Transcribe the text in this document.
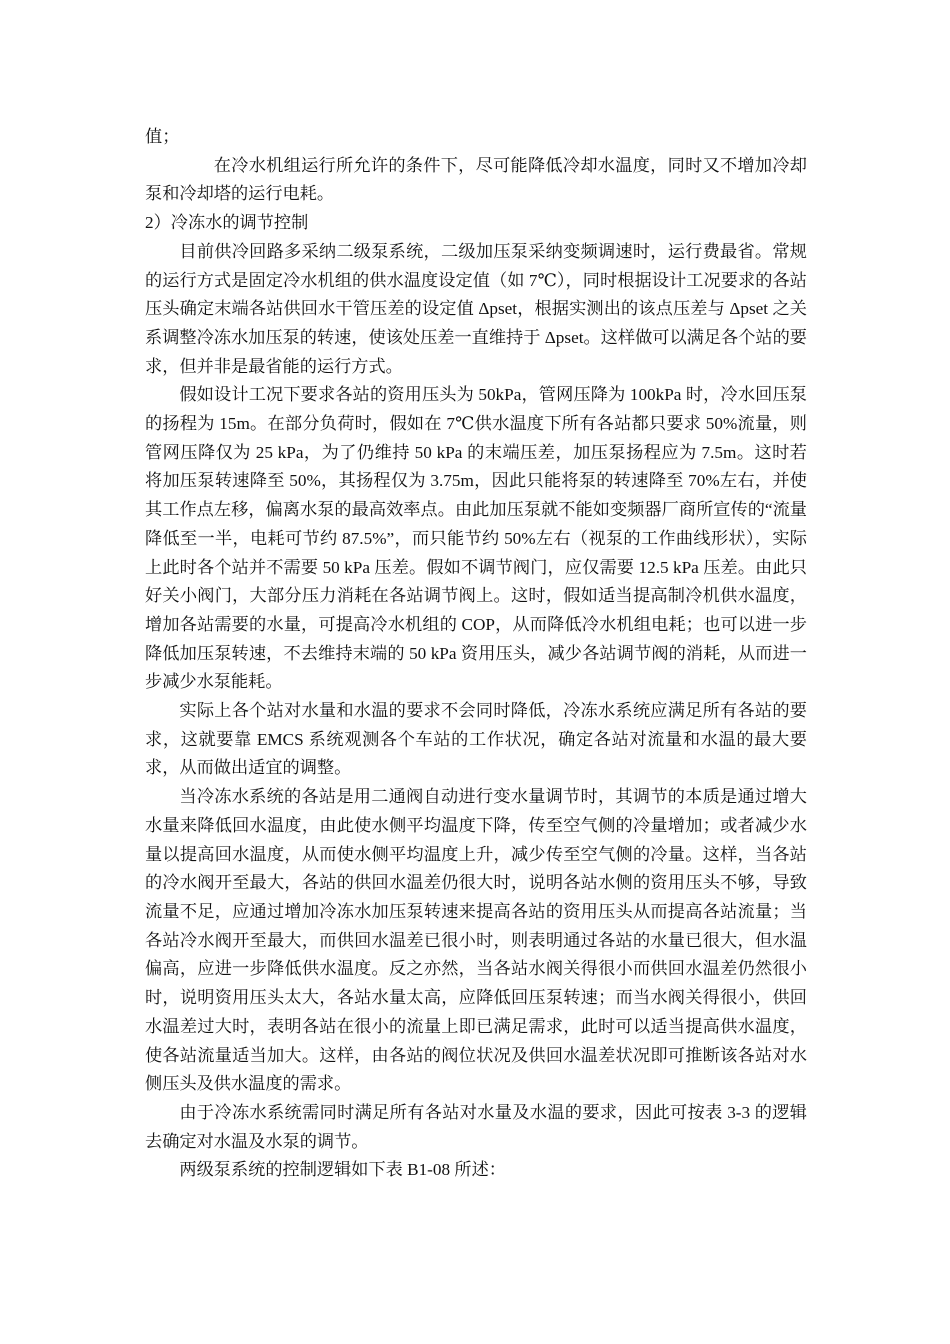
值；

在冷水机组运行所允许的条件下，尽可能降低冷却水温度，同时又不增加冷却泵和冷却塔的运行电耗。

2）冷冻水的调节控制

目前供冷回路多采纳二级泵系统，二级加压泵采纳变频调速时，运行费最省。常规的运行方式是固定冷水机组的供水温度设定值（如 7℃），同时根据设计工况要求的各站压头确定末端各站供回水干管压差的设定值 Δpset，根据实测出的该点压差与 Δpset 之关系调整冷冻水加压泵的转速，使该处压差一直维持于 Δpset。这样做可以满足各个站的要求，但并非是最省能的运行方式。

假如设计工况下要求各站的资用压头为 50kPa，管网压降为 100kPa 时，冷水回压泵的扬程为 15m。在部分负荷时，假如在 7℃供水温度下所有各站都只要求 50%流量，则管网压降仅为 25 kPa，为了仍维持 50 kPa 的末端压差，加压泵扬程应为 7.5m。这时若将加压泵转速降至 50%，其扬程仅为 3.75m，因此只能将泵的转速降至 70%左右，并使其工作点左移，偏离水泵的最高效率点。由此加压泵就不能如变频器厂商所宣传的“流量降低至一半，电耗可节约 87.5%”，而只能节约 50%左右（视泵的工作曲线形状），实际上此时各个站并不需要 50 kPa 压差。假如不调节阀门，应仅需要 12.5 kPa 压差。由此只好关小阀门，大部分压力消耗在各站调节阀上。这时，假如适当提高制冷机供水温度，增加各站需要的水量，可提高冷水机组的 COP，从而降低冷水机组电耗；也可以进一步降低加压泵转速，不去维持末端的 50 kPa 资用压头，减少各站调节阀的消耗，从而进一步减少水泵能耗。

实际上各个站对水量和水温的要求不会同时降低，冷冻水系统应满足所有各站的要求，这就要靠 EMCS 系统观测各个车站的工作状况，确定各站对流量和水温的最大要求，从而做出适宜的调整。

当冷冻水系统的各站是用二通阀自动进行变水量调节时，其调节的本质是通过增大水量来降低回水温度，由此使水侧平均温度下降，传至空气侧的冷量增加；或者减少水量以提高回水温度，从而使水侧平均温度上升，减少传至空气侧的冷量。这样，当各站的冷水阀开至最大，各站的供回水温差仍很大时，说明各站水侧的资用压头不够，导致流量不足，应通过增加冷冻水加压泵转速来提高各站的资用压头从而提高各站流量；当各站冷水阀开至最大，而供回水温差已很小时，则表明通过各站的水量已很大，但水温偏高，应进一步降低供水温度。反之亦然，当各站水阀关得很小而供回水温差仍然很小时，说明资用压头太大，各站水量太高，应降低回压泵转速；而当水阀关得很小，供回水温差过大时，表明各站在很小的流量上即已满足需求，此时可以适当提高供水温度，使各站流量适当加大。这样，由各站的阀位状况及供回水温差状况即可推断该各站对水侧压头及供水温度的需求。

由于冷冻水系统需同时满足所有各站对水量及水温的要求，因此可按表 3-3 的逻辑去确定对水温及水泵的调节。

两级泵系统的控制逻辑如下表 B1-08 所述：
